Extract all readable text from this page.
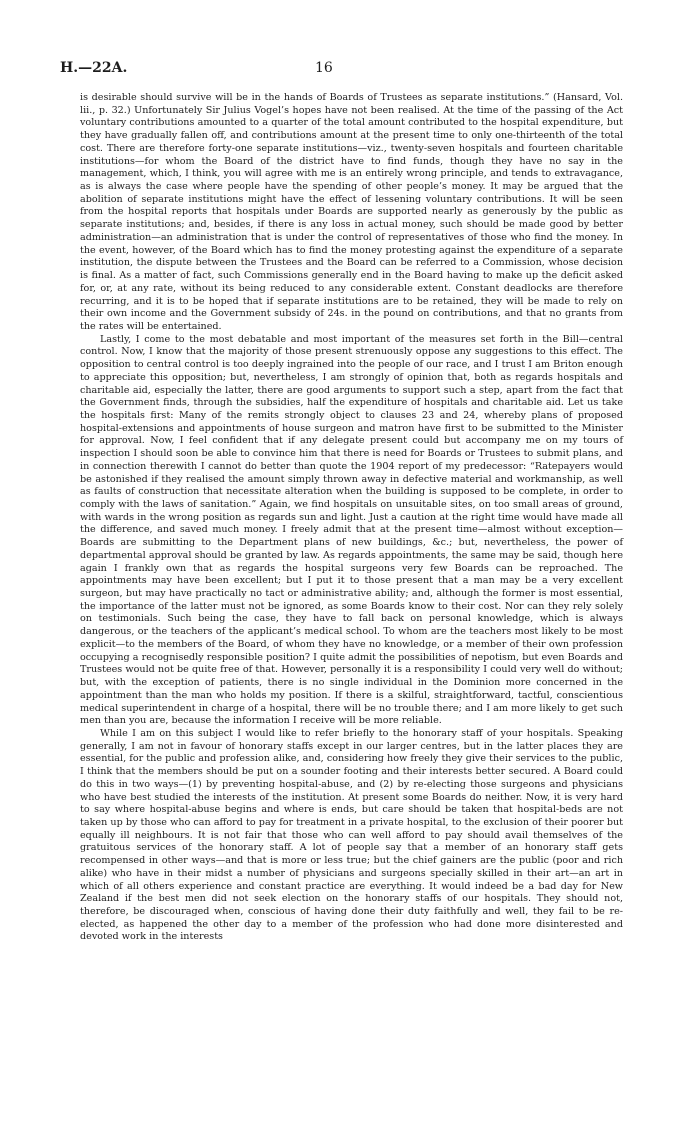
H.—22A.	16

is desirable should survive will be in the hands of Boards of Trustees as separate institutions.” (Hansard, Vol. lii., p. 32.) Unfortunately Sir Julius Vogel’s hopes have not been realised. At the time of the passing of the Act voluntary contributions amounted to a quarter of the total amount contributed to the hospital expenditure, but they have gradually fallen off, and contributions amount at the present time to only one-thirteenth of the total cost. There are therefore forty-one separate institutions—viz., twenty-seven hospitals and fourteen charitable institutions—for whom the Board of the district have to find funds, though they have no say in the management, which, I think, you will agree with me is an entirely wrong principle, and tends to extravagance, as is always the case where people have the spending of other people’s money. It may be argued that the abolition of separate institutions might have the effect of lessening voluntary contributions. It will be seen from the hospital reports that hospitals under Boards are supported nearly as generously by the public as separate institutions; and, besides, if there is any loss in actual money, such should be made good by better administration—an administration that is under the control of representatives of those who find the money. In the event, however, of the Board which has to find the money protesting against the expenditure of a separate institution, the dispute between the Trustees and the Board can be referred to a Commission, whose decision is final. As a matter of fact, such Commissions generally end in the Board having to make up the deficit asked for, or, at any rate, without its being reduced to any considerable extent. Constant deadlocks are therefore recurring, and it is to be hoped that if separate institutions are to be retained, they will be made to rely on their own income and the Government subsidy of 24s. in the pound on contributions, and that no grants from the rates will be entertained.

Lastly, I come to the most debatable and most important of the measures set forth in the Bill—central control. Now, I know that the majority of those present strenuously oppose any suggestions to this effect. The opposition to central control is too deeply ingrained into the people of our race, and I trust I am Briton enough to appreciate this opposition; but, nevertheless, I am strongly of opinion that, both as regards hospitals and charitable aid, especially the latter, there are good arguments to support such a step, apart from the fact that the Government finds, through the subsidies, half the expenditure of hospitals and charitable aid. Let us take the hospitals first: Many of the remits strongly object to clauses 23 and 24, whereby plans of proposed hospital-extensions and appointments of house surgeon and matron have first to be submitted to the Minister for approval. Now, I feel confident that if any delegate present could but accompany me on my tours of inspection I should soon be able to convince him that there is need for Boards or Trustees to submit plans, and in connection therewith I cannot do better than quote the 1904 report of my predecessor: “Ratepayers would be astonished if they realised the amount simply thrown away in defective material and workmanship, as well as faults of construction that necessitate alteration when the building is supposed to be complete, in order to comply with the laws of sanitation.” Again, we find hospitals on unsuitable sites, on too small areas of ground, with wards in the wrong position as regards sun and light. Just a caution at the right time would have made all the difference, and saved much money. I freely admit that at the present time—almost without exception—Boards are submitting to the Department plans of new buildings, &c.; but, nevertheless, the power of departmental approval should be granted by law. As regards appointments, the same may be said, though here again I frankly own that as regards the hospital surgeons very few Boards can be reproached. The appointments may have been excellent; but I put it to those present that a man may be a very excellent surgeon, but may have practically no tact or administrative ability; and, although the former is most essential, the importance of the latter must not be ignored, as some Boards know to their cost. Nor can they rely solely on testimonials. Such being the case, they have to fall back on personal knowledge, which is always dangerous, or the teachers of the applicant’s medical school. To whom are the teachers most likely to be most explicit—to the members of the Board, of whom they have no knowledge, or a member of their own profession occupying a recognisedly responsible position? I quite admit the possibilities of nepotism, but even Boards and Trustees would not be quite free of that. However, personally it is a responsibility I could very well do without; but, with the exception of patients, there is no single individual in the Dominion more concerned in the appointment than the man who holds my position. If there is a skilful, straightforward, tactful, conscientious medical superintendent in charge of a hospital, there will be no trouble there; and I am more likely to get such men than you are, because the information I receive will be more reliable.

While I am on this subject I would like to refer briefly to the honorary staff of your hospitals. Speaking generally, I am not in favour of honorary staffs except in our larger centres, but in the latter places they are essential, for the public and profession alike, and, considering how freely they give their services to the public, I think that the members should be put on a sounder footing and their interests better secured. A Board could do this in two ways—(1) by preventing hospital-abuse, and (2) by re-electing those surgeons and physicians who have best studied the interests of the institution. At present some Boards do neither. Now, it is very hard to say where hospital-abuse begins and where is ends, but care should be taken that hospital-beds are not taken up by those who can afford to pay for treatment in a private hospital, to the exclusion of their poorer but equally ill neighbours. It is not fair that those who can well afford to pay should avail themselves of the gratuitous services of the honorary staff. A lot of people say that a member of an honorary staff gets recompensed in other ways—and that is more or less true; but the chief gainers are the public (poor and rich alike) who have in their midst a number of physicians and surgeons specially skilled in their art—an art in which of all others experience and constant practice are everything. It would indeed be a bad day for New Zealand if the best men did not seek election on the honorary staffs of our hospitals. They should not, therefore, be discouraged when, conscious of having done their duty faithfully and well, they fail to be re-elected, as happened the other day to a member of the profession who had done more disinterested and devoted work in the interests
